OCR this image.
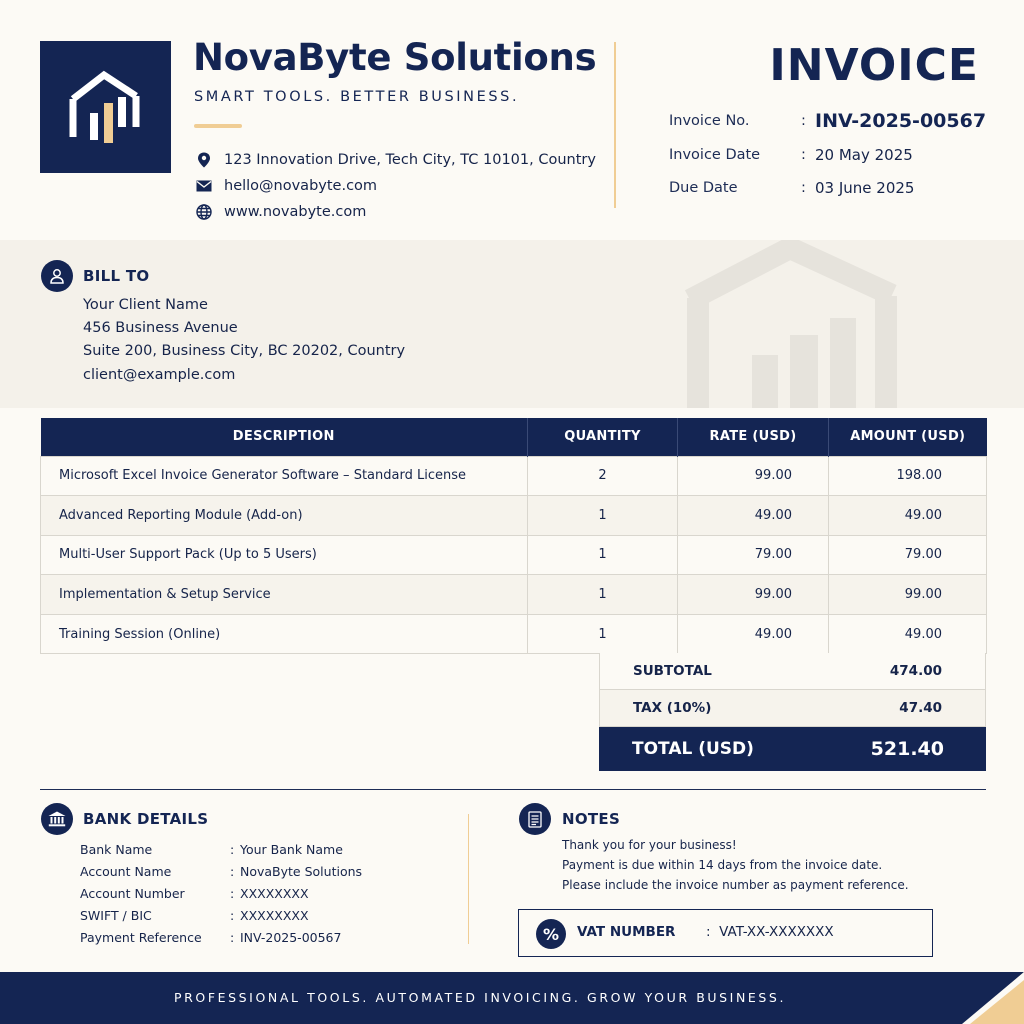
NovaByte Solutions
SMART TOOLS. BETTER BUSINESS.
123 Innovation Drive, Tech City, TC 10101, Country
hello@novabyte.com
www.novabyte.com
INVOICE
Invoice No.	: INV-2025-00567
Invoice Date	: 20 May 2025
Due Date	: 03 June 2025
BILL TO
Your Client Name
456 Business Avenue
Suite 200, Business City, BC 20202, Country
client@example.com
DESCRIPTION	QUANTITY	RATE (USD)	AMOUNT (USD)
Microsoft Excel Invoice Generator Software – Standard License	2	99.00	198.00
Advanced Reporting Module (Add-on)	1	49.00	49.00
Multi-User Support Pack (Up to 5 Users)	1	79.00	79.00
Implementation & Setup Service	1	99.00	99.00
Training Session (Online)	1	49.00	49.00
SUBTOTAL	474.00
TAX (10%)	47.40
TOTAL (USD)	521.40
BANK DETAILS
Bank Name	: Your Bank Name
Account Name	: NovaByte Solutions
Account Number	: XXXXXXXX
SWIFT / BIC	: XXXXXXXX
Payment Reference	: INV-2025-00567
NOTES
Thank you for your business!
Payment is due within 14 days from the invoice date.
Please include the invoice number as payment reference.
%	VAT NUMBER : VAT-XX-XXXXXXX
PROFESSIONAL TOOLS. AUTOMATED INVOICING. GROW YOUR BUSINESS.
